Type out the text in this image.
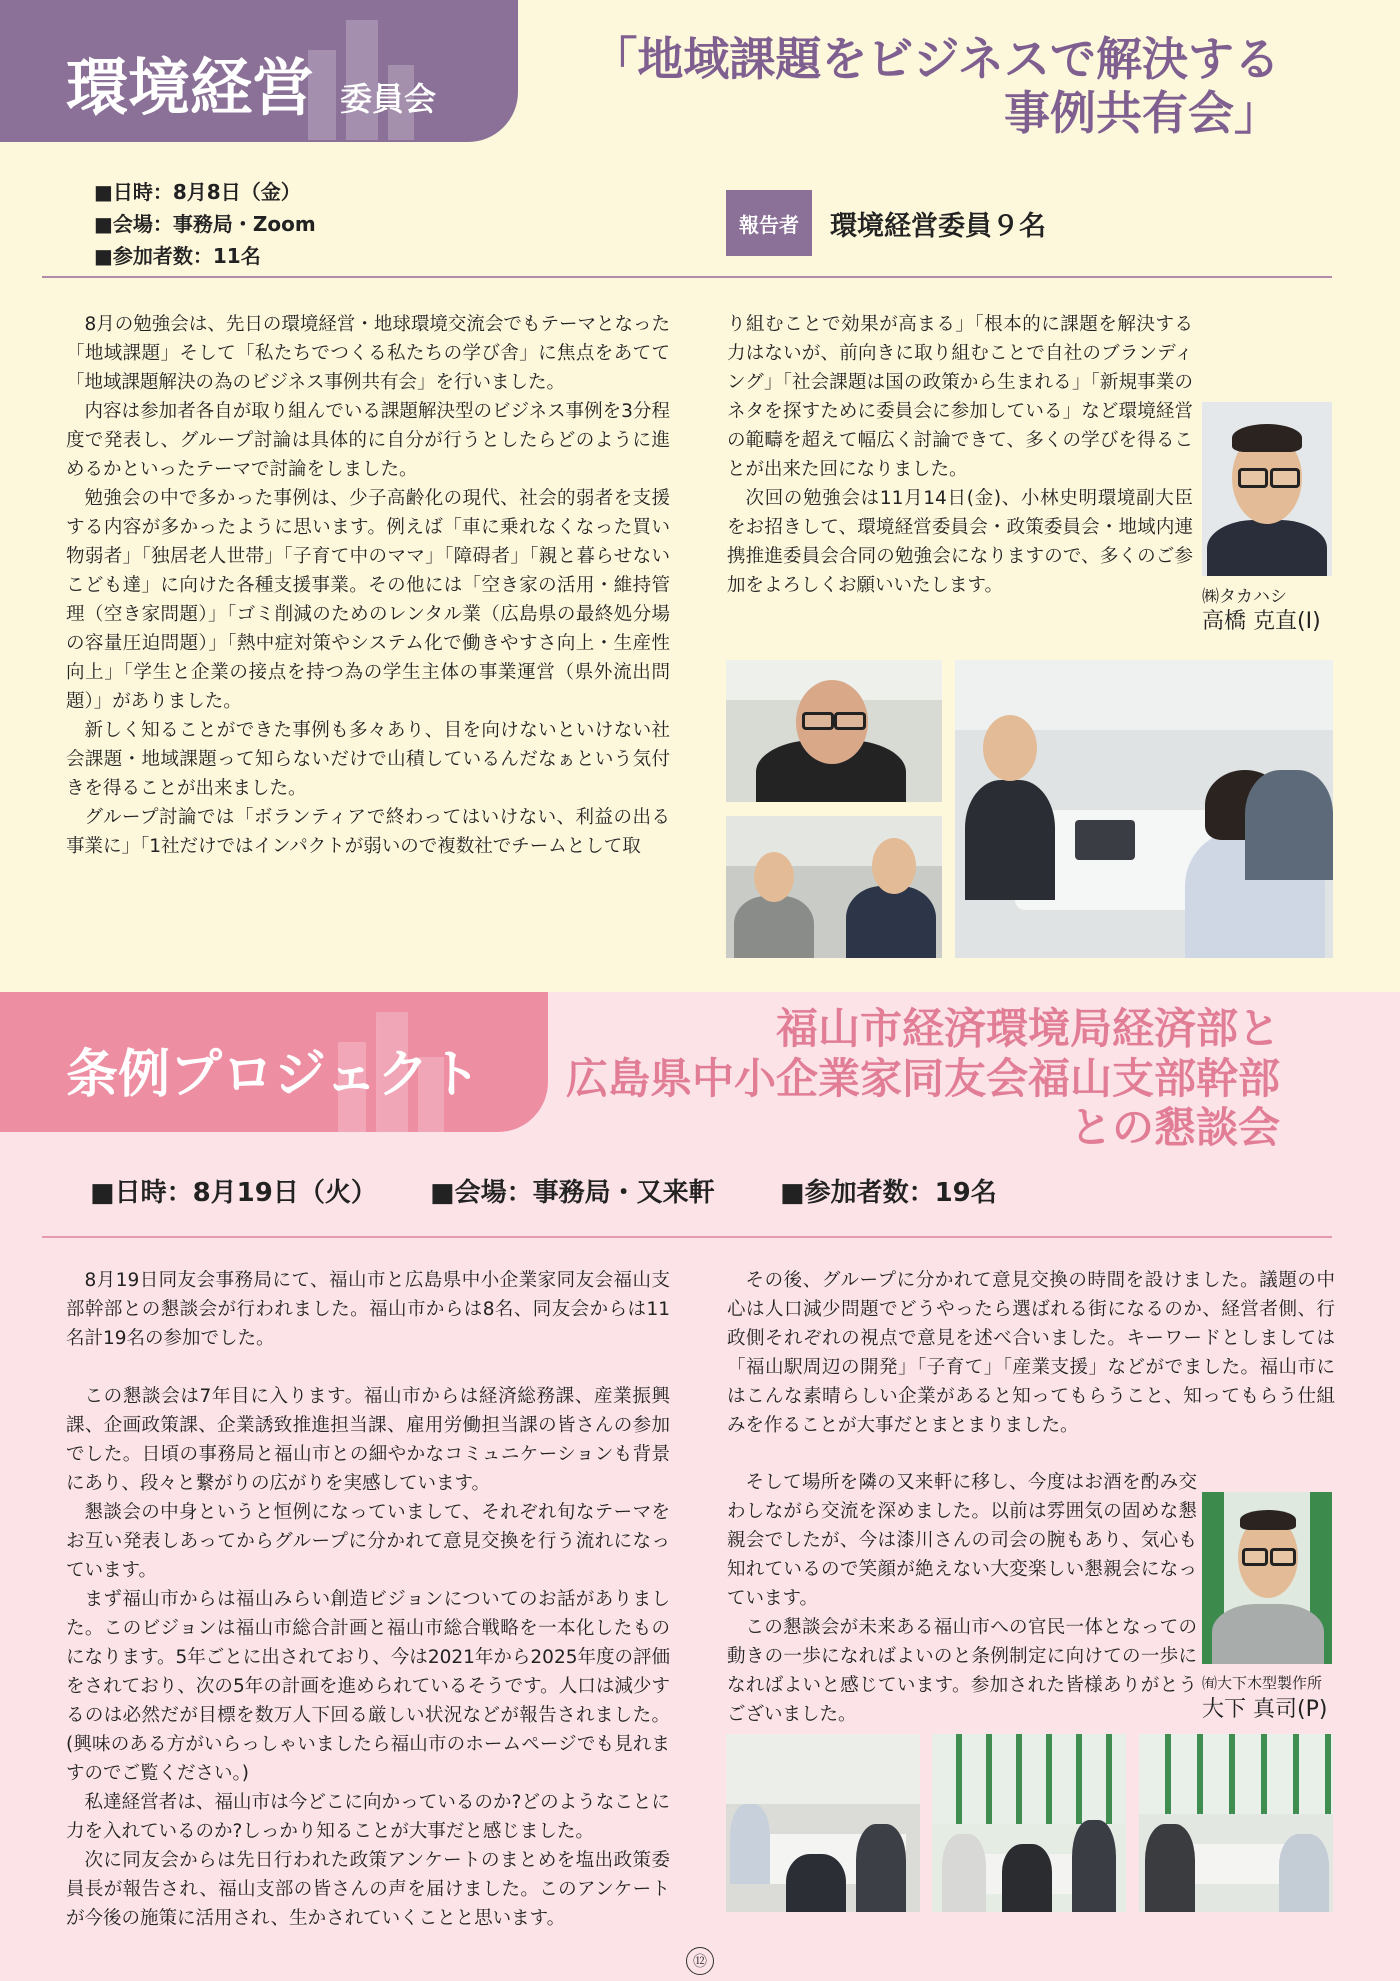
環境経営 委員会
「地域課題をビジネスで解決する
事例共有会」
■日時：8月8日（金）
■会場：事務局・Zoom
■参加者数：11名
報告者	環境経営委員９名

8月の勉強会は、先日の環境経営・地球環境交流会でもテーマとなった「地域課題」そして「私たちでつくる私たちの学び舎」に焦点をあてて「地域課題解決の為のビジネス事例共有会」を行いました。

内容は参加者各自が取り組んでいる課題解決型のビジネス事例を3分程度で発表し、グループ討論は具体的に自分が行うとしたらどのように進めるかといったテーマで討論をしました。

勉強会の中で多かった事例は、少子高齢化の現代、社会的弱者を支援する内容が多かったように思います。例えば「車に乗れなくなった買い物弱者」「独居老人世帯」「子育て中のママ」「障碍者」「親と暮らせないこども達」に向けた各種支援事業。その他には「空き家の活用・維持管理（空き家問題）」「ゴミ削減のためのレンタル業（広島県の最終処分場の容量圧迫問題）」「熱中症対策やシステム化で働きやすさ向上・生産性向上」「学生と企業の接点を持つ為の学生主体の事業運営（県外流出問題）」がありました。

新しく知ることができた事例も多々あり、目を向けないといけない社会課題・地域課題って知らないだけで山積しているんだなぁという気付きを得ることが出来ました。

グループ討論では「ボランティアで終わってはいけない、利益の出る事業に」「1社だけではインパクトが弱いので複数社でチームとして取

り組むことで効果が高まる」「根本的に課題を解決する力はないが、前向きに取り組むことで自社のブランディング」「社会課題は国の政策から生まれる」「新規事業のネタを探すために委員会に参加している」など環境経営の範疇を超えて幅広く討論できて、多くの学びを得ることが出来た回になりました。

次回の勉強会は11月14日(金)、小林史明環境副大臣をお招きして、環境経営委員会・政策委員会・地域内連携推進委員会合同の勉強会になりますので、多くのご参加をよろしくお願いいたします。

㈱タカハシ
高橋 克直(I)
条例プロジェクト
福山市経済環境局経済部と
広島県中小企業家同友会福山支部幹部
との懇談会
■日時：8月19日（火） ■会場：事務局・又来軒	■参加者数：19名

8月19日同友会事務局にて、福山市と広島県中小企業家同友会福山支部幹部との懇談会が行われました。福山市からは8名、同友会からは11名計19名の参加でした。

この懇談会は7年目に入ります。福山市からは経済総務課、産業振興課、企画政策課、企業誘致推進担当課、雇用労働担当課の皆さんの参加でした。日頃の事務局と福山市との細やかなコミュニケーションも背景にあり、段々と繋がりの広がりを実感しています。

懇談会の中身というと恒例になっていまして、それぞれ旬なテーマをお互い発表しあってからグループに分かれて意見交換を行う流れになっています。

まず福山市からは福山みらい創造ビジョンについてのお話がありました。このビジョンは福山市総合計画と福山市総合戦略を一本化したものになります。5年ごとに出されており、今は2021年から2025年度の評価をされており、次の5年の計画を進められているそうです。人口は減少するのは必然だが目標を数万人下回る厳しい状況などが報告されました。(興味のある方がいらっしゃいましたら福山市のホームページでも見れますのでご覧ください。)

私達経営者は、福山市は今どこに向かっているのか?どのようなことに力を入れているのか?しっかり知ることが大事だと感じました。

次に同友会からは先日行われた政策アンケートのまとめを塩出政策委員長が報告され、福山支部の皆さんの声を届けました。このアンケートが今後の施策に活用され、生かされていくことと思います。

その後、グループに分かれて意見交換の時間を設けました。議題の中心は人口減少問題でどうやったら選ばれる街になるのか、経営者側、行政側それぞれの視点で意見を述べ合いました。キーワードとしましては「福山駅周辺の開発」「子育て」「産業支援」などがでました。福山市にはこんな素晴らしい企業があると知ってもらうこと、知ってもらう仕組みを作ることが大事だとまとまりました。

そして場所を隣の又来軒に移し、今度はお酒を酌み交わしながら交流を深めました。以前は雰囲気の固めな懇親会でしたが、今は漆川さんの司会の腕もあり、気心も知れているので笑顔が絶えない大変楽しい懇親会になっています。

この懇談会が未来ある福山市への官民一体となっての動きの一歩になればよいのと条例制定に向けての一歩になればよいと感じています。参加された皆様ありがとうございました。

㈲大下木型製作所
大下 真司(P)
⑫
